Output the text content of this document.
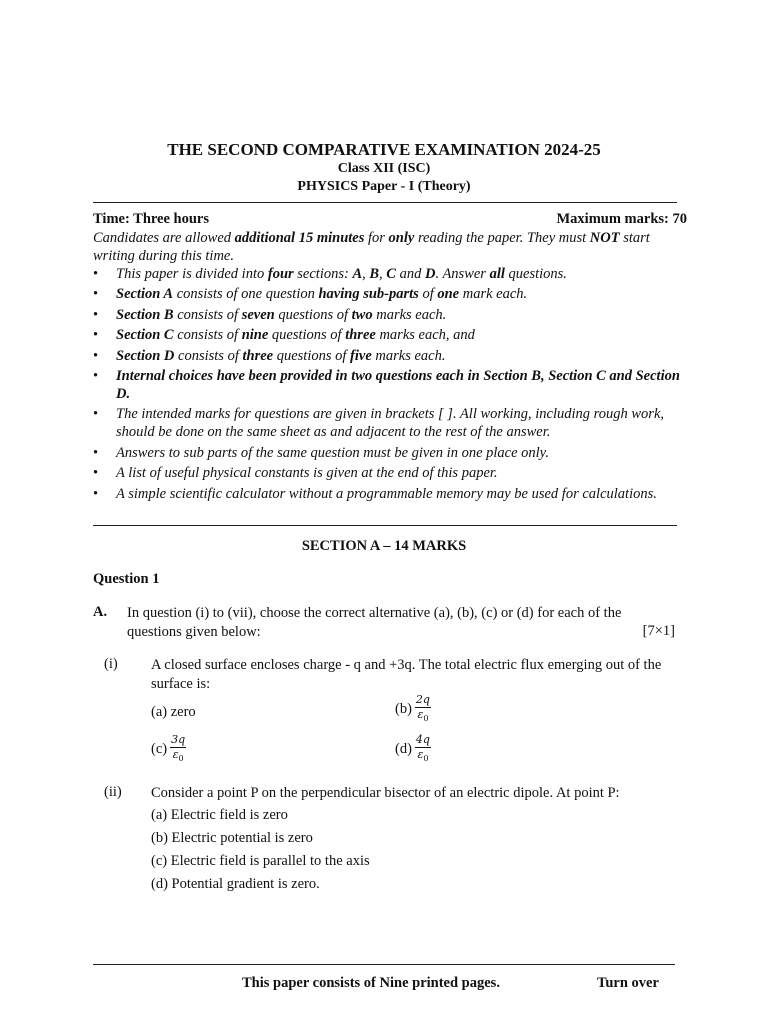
THE SECOND COMPARATIVE EXAMINATION 2024-25
Class XII (ISC)
PHYSICS Paper - I (Theory)
Time: Three hours	Maximum marks: 70
Candidates are allowed additional 15 minutes for only reading the paper. They must NOT start writing during this time.
• This paper is divided into four sections: A, B, C and D. Answer all questions.
• Section A consists of one question having sub-parts of one mark each.
• Section B consists of seven questions of two marks each.
• Section C consists of nine questions of three marks each, and
• Section D consists of three questions of five marks each.
• Internal choices have been provided in two questions each in Section B, Section C and Section D.
• The intended marks for questions are given in brackets [ ]. All working, including rough work, should be done on the same sheet as and adjacent to the rest of the answer.
• Answers to sub parts of the same question must be given in one place only.
• A list of useful physical constants is given at the end of this paper.
• A simple scientific calculator without a programmable memory may be used for calculations.
SECTION A – 14 MARKS
Question 1
A. In question (i) to (vii), choose the correct alternative (a), (b), (c) or (d) for each of the questions given below:	[7×1]
(i) A closed surface encloses charge - q and +3q. The total electric flux emerging out of the surface is:
(a) zero	$(b) \frac{2q}{\varepsilon_0}$
$(c) \frac{3q}{\varepsilon_0}$	$(d) \frac{4q}{\varepsilon_0}$
(ii) Consider a point P on the perpendicular bisector of an electric dipole. At point P:
(a) Electric field is zero
(b) Electric potential is zero
(c) Electric field is parallel to the axis
(d) Potential gradient is zero.
This paper consists of Nine printed pages.	Turn over
